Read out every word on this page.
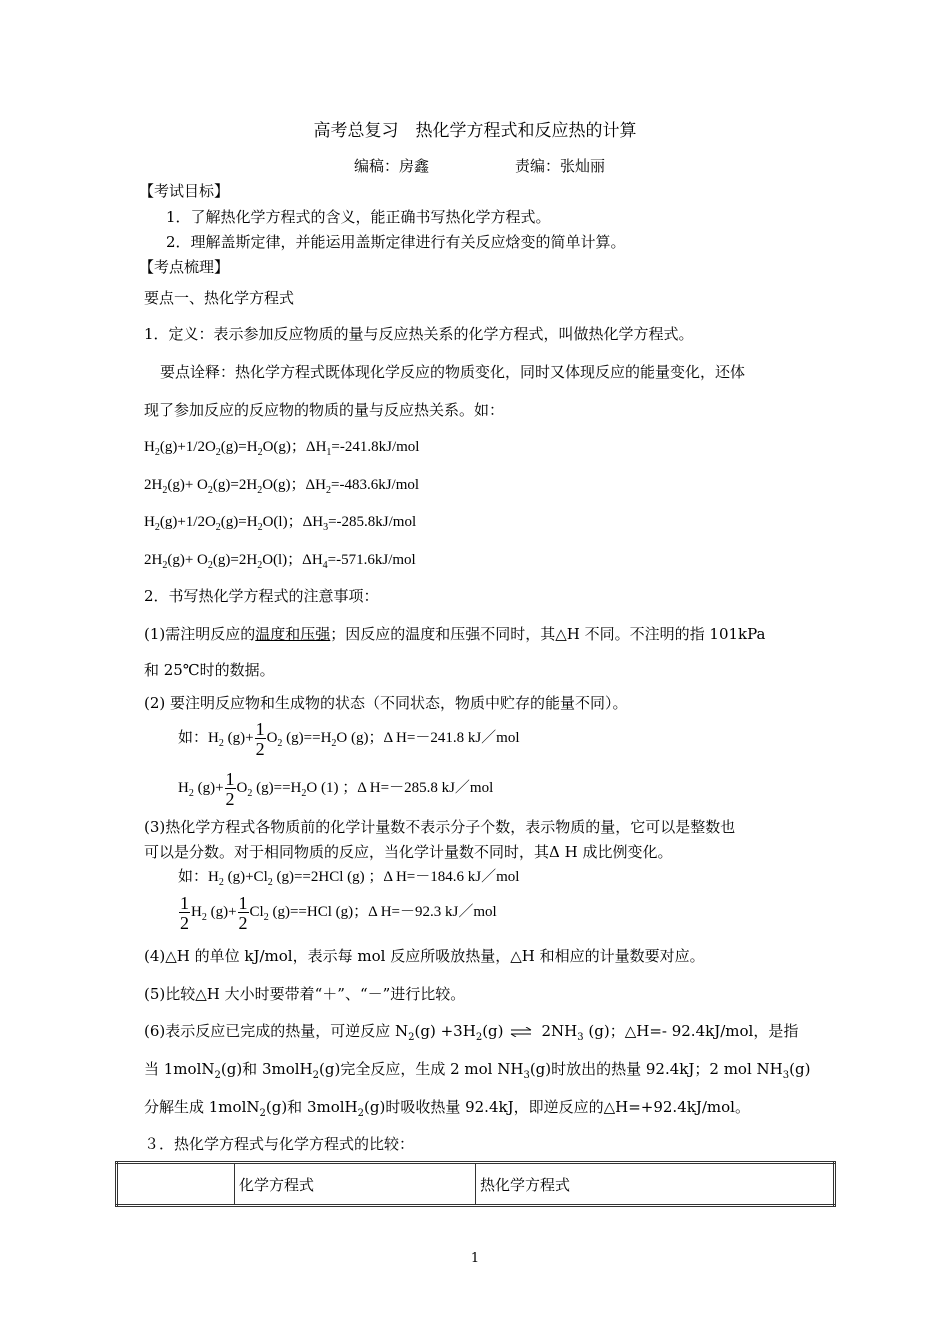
高考总复习　热化学方程式和反应热的计算
编稿：房鑫	责编：张灿丽
【考试目标】
1．了解热化学方程式的含义，能正确书写热化学方程式。
2．理解盖斯定律，并能运用盖斯定律进行有关反应焓变的简单计算。
【考点梳理】
要点一、热化学方程式
1．定义：表示参加反应物质的量与反应热关系的化学方程式，叫做热化学方程式。
要点诠释：热化学方程式既体现化学反应的物质变化，同时又体现反应的能量变化，还体
现了参加反应的反应物的物质的量与反应热关系。如：
$H_2(g)+1/2O_2(g)=H_2O(g)$；$\Delta H_1=-241.8kJ$/mol
$2H_2(g)+ O_2(g)=2H_2O(g)$；$\Delta H_2=-483.6kJ$/mol
$H_2(g)+1/2O_2(g)=H_2O(l)$；$\Delta H_3=-285.8kJ$/mol
$2H_2(g)+ O_2(g)=2H_2O(l)$；$\Delta H_4=-571.6kJ$/mol
2．书写热化学方程式的注意事项：
(1)需注明反应的温度和压强；因反应的温度和压强不同时，其△H 不同。不注明的指 101kPa
和 25℃时的数据。
(2) 要注明反应物和生成物的状态（不同状态，物质中贮存的能量不同）。
如：$H_2$ $(g)+ \frac{1}{2} O_2$ $(g)==H_2O$ (g)；Δ H=－241.8 kJ／mol
$H_2$ $(g)+ \frac{1}{2} O_2$ $(g)==H_2O$ (1) ；Δ H=－285.8 kJ／mol
(3)热化学方程式各物质前的化学计量数不表示分子个数，表示物质的量，它可以是整数也
可以是分数。对于相同物质的反应，当化学计量数不同时，其Δ H 成比例变化。
如：$H_2$ $(g)+Cl_2$ (g)==2HCl (g) ；Δ H=－184.6 kJ／mol
$\frac{1}{2} H_2$ $(g)+ \frac{1}{2} Cl_2$ (g)==HCl (g)；Δ H=－92.3 kJ／mol
(4)△H 的单位 kJ/mol，表示每 mol 反应所吸放热量，△H 和相应的计量数要对应。
(5)比较△H 大小时要带着“＋”、“－”进行比较。
(6)表示反应已完成的热量，可逆反应 $N_2(g) +3H_2(g)$ ⇌ $2NH_3$ (g)；△H=- 92.4kJ/mol，是指
当 1molN$_2$(g)和 3molH$_2$(g)完全反应，生成 2 mol $NH_3(g)$时放出的热量 92.4kJ；2 mol $NH_3(g)$
分解生成 1molN$_2$(g)和 3molH$_2$(g)时吸收热量 92.4kJ，即逆反应的△H=+92.4kJ/mol。
３．热化学方程式与化学方程式的比较：
	化学方程式	热化学方程式
1
